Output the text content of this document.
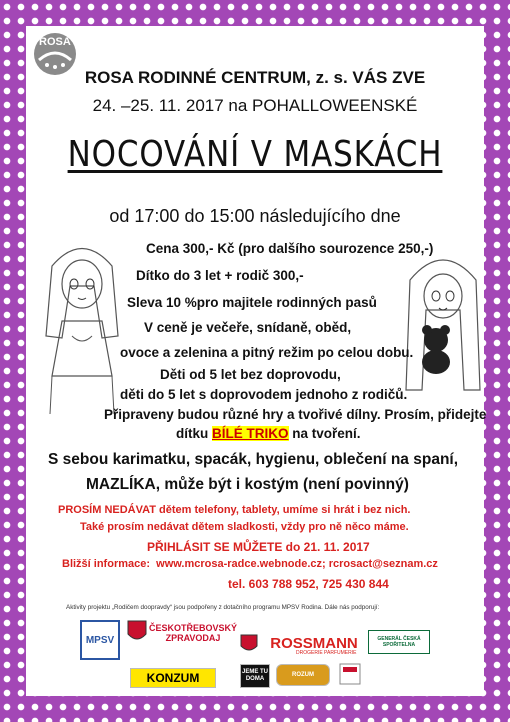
ROSA
ROSA RODINNÉ CENTRUM, z. s. VÁS ZVE
24. –25. 11. 2017 na POHALLOWEENSKÉ
NOCOVÁNÍ V MASKÁCH
od 17:00 do 15:00 následujícího dne
Cena 300,- Kč (pro dalšího sourozence 250,-)
Dítko do 3 let + rodič 300,-
Sleva 10 %pro majitele rodinných pasů
V ceně je večeře, snídaně, oběd,
ovoce a zelenina a pitný režim po celou dobu.
Děti od 5 let bez doprovodu,
děti do 5 let s doprovodem jednoho z rodičů.
Připraveny budou různé hry a tvořivé dílny. Prosím, přidejte
dítku BÍLÉ TRIKO na tvoření.
S sebou karimatku, spacák, hygienu, oblečení na spaní,
MAZLÍKA, může být i kostým (není povinný)
PROSÍM NEDÁVAT dětem telefony, tablety, umíme si hrát i bez nich.
Také prosím nedávat dětem sladkosti, vždy pro ně něco máme.
PŘIHLÁSIT SE MŮŽETE do 21. 11. 2017
Bližší informace: www.mcrosa-radce.webnode.cz; rcrosact@seznam.cz
tel. 603 788 952, 725 430 844
Aktivity projektu „Rodičem doopravdy“ jsou podpořeny z dotačního programu MPSV Rodina. Dále nás podporují:
MPSV
ČESKOTŘEBOVSKÝ ZPRAVODAJ	ROSSMANN
DROGERIE PARFUMERIE
GENERÁL ČESKÁ SPOŘITELNA
KONZUM	JEME TU DOMA
ROZUM
